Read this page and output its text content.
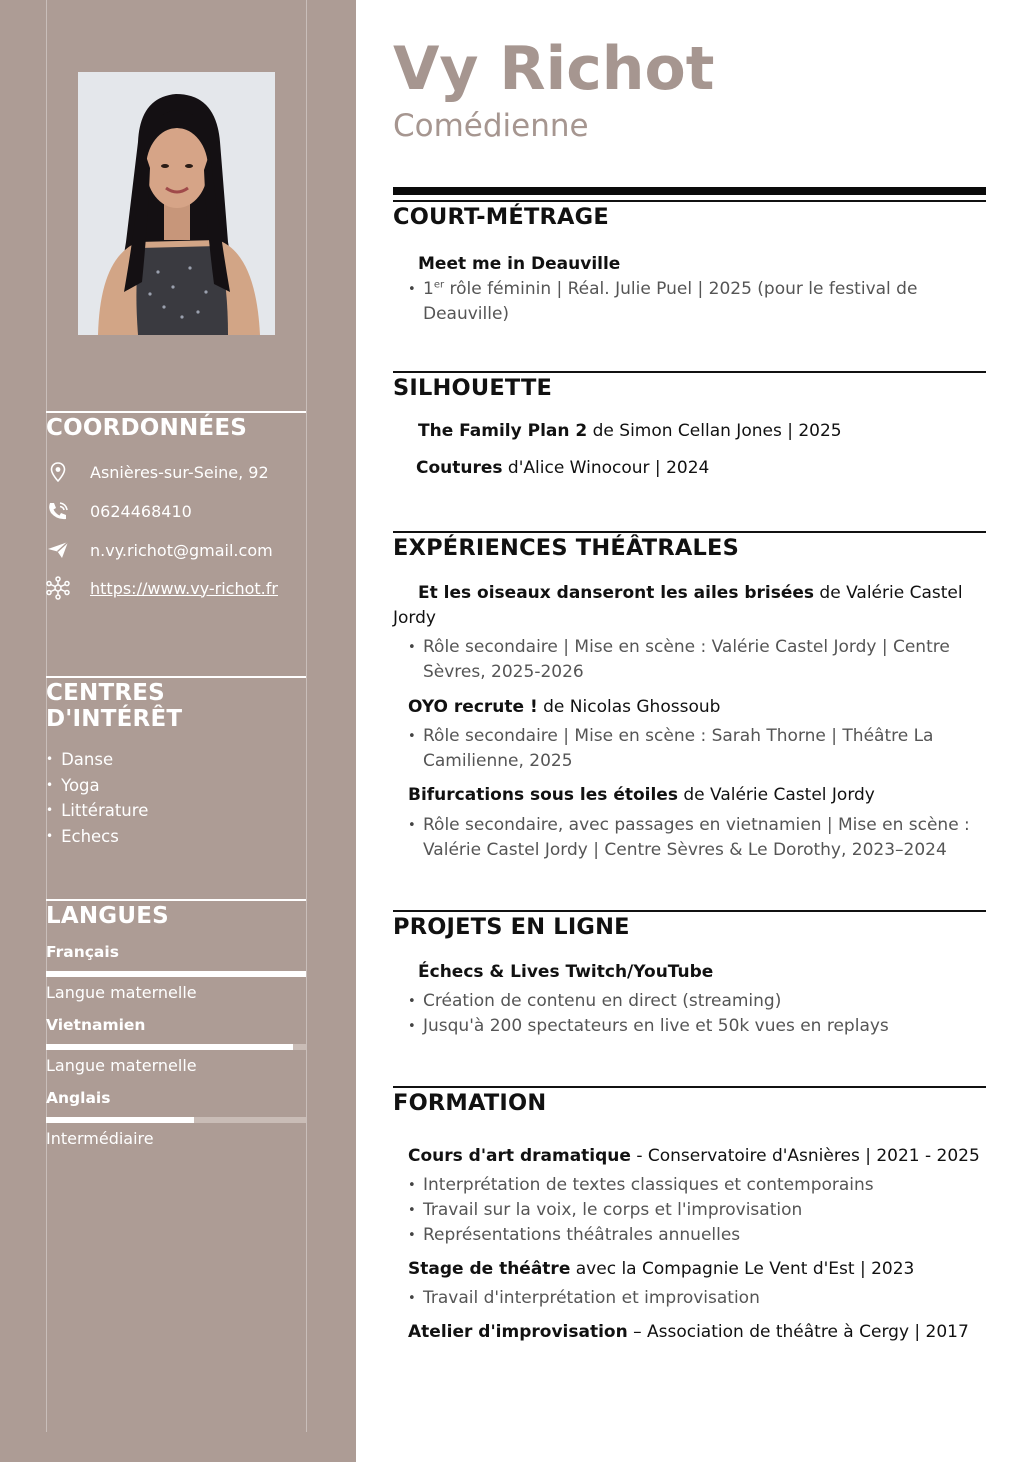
COORDONNÉES
Asnières-sur-Seine, 92
0624468410
n.vy.richot@gmail.com
https://www.vy-richot.fr
CENTRES D'INTÉRÊT
• Danse
• Yoga
• Littérature
• Echecs
LANGUES
Français
Langue maternelle
Vietnamien
Langue maternelle
Anglais
Intermédiaire
Vy Richot
Comédienne
COURT-MÉTRAGE
Meet me in Deauville
• 1er rôle féminin | Réal. Julie Puel | 2025 (pour le festival de Deauville)
SILHOUETTE
The Family Plan 2 de Simon Cellan Jones | 2025
Coutures d'Alice Winocour | 2024
EXPÉRIENCES THÉÂTRALES
Et les oiseaux danseront les ailes brisées de Valérie Castel Jordy
• Rôle secondaire | Mise en scène : Valérie Castel Jordy | Centre Sèvres, 2025-2026
OYO recrute ! de Nicolas Ghossoub
• Rôle secondaire | Mise en scène : Sarah Thorne | Théâtre La Camilienne, 2025
Bifurcations sous les étoiles de Valérie Castel Jordy
• Rôle secondaire, avec passages en vietnamien | Mise en scène : Valérie Castel Jordy | Centre Sèvres & Le Dorothy, 2023–2024
PROJETS EN LIGNE
Échecs & Lives Twitch/YouTube
• Création de contenu en direct (streaming)
• Jusqu'à 200 spectateurs en live et 50k vues en replays
FORMATION
Cours d'art dramatique - Conservatoire d'Asnières | 2021 - 2025
• Interprétation de textes classiques et contemporains
• Travail sur la voix, le corps et l'improvisation
• Représentations théâtrales annuelles
Stage de théâtre avec la Compagnie Le Vent d'Est | 2023
• Travail d'interprétation et improvisation
Atelier d'improvisation – Association de théâtre à Cergy | 2017
